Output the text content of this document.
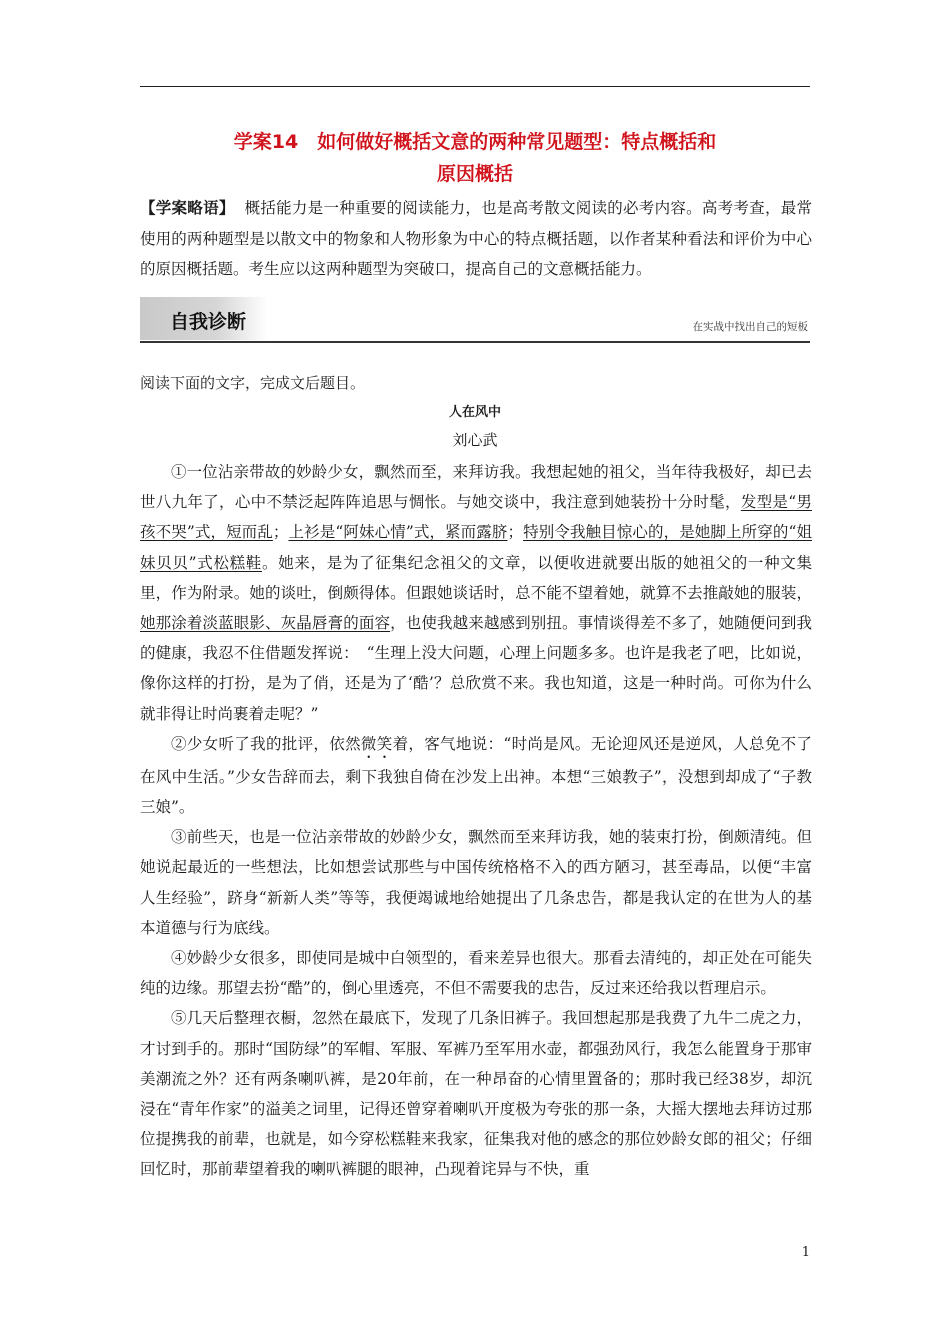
学案14　如何做好概括文意的两种常见题型：特点概括和
原因概括
【学案略语】 概括能力是一种重要的阅读能力，也是高考散文阅读的必考内容。高考考查，最常使用的两种题型是以散文中的物象和人物形象为中心的特点概括题，以作者某种看法和评价为中心的原因概括题。考生应以这两种题型为突破口，提高自己的文意概括能力。
自我诊断	在实战中找出自己的短板
阅读下面的文字，完成文后题目。
人在风中
刘心武

①一位沾亲带故的妙龄少女，飘然而至，来拜访我。我想起她的祖父，当年待我极好，却已去世八九年了，心中不禁泛起阵阵追思与惆怅。与她交谈中，我注意到她装扮十分时髦，发型是“男孩不哭”式，短而乱；上衫是“阿妹心情”式，紧而露脐；特别令我触目惊心的，是她脚上所穿的“姐妹贝贝”式松糕鞋。她来，是为了征集纪念祖父的文章，以便收进就要出版的她祖父的一种文集里，作为附录。她的谈吐，倒颇得体。但跟她谈话时，总不能不望着她，就算不去推敲她的服装，她那涂着淡蓝眼影、灰晶唇膏的面容，也使我越来越感到别扭。事情谈得差不多了，她随便问到我的健康，我忍不住借题发挥说：　“生理上没大问题，心理上问题多多。也许是我老了吧，比如说，像你这样的打扮，是为了俏，还是为了‘酷’？总欣赏不来。我也知道，这是一种时尚。可你为什么就非得让时尚裹着走呢？”

②少女听了我的批评，依然微笑着，客气地说：“时尚是风。无论迎风还是逆风，人总免不了在风中生活。”少女告辞而去，剩下我独自倚在沙发上出神。本想“三娘教子”，没想到却成了“子教三娘”。

③前些天，也是一位沾亲带故的妙龄少女，飘然而至来拜访我，她的装束打扮，倒颇清纯。但她说起最近的一些想法，比如想尝试那些与中国传统格格不入的西方陋习，甚至毒品，以便“丰富人生经验”，跻身“新新人类”等等，我便竭诚地给她提出了几条忠告，都是我认定的在世为人的基本道德与行为底线。

④妙龄少女很多，即使同是城中白领型的，看来差异也很大。那看去清纯的，却正处在可能失纯的边缘。那望去扮“酷”的，倒心里透亮，不但不需要我的忠告，反过来还给我以哲理启示。

⑤几天后整理衣橱，忽然在最底下，发现了几条旧裤子。我回想起那是我费了九牛二虎之力，才讨到手的。那时“国防绿”的军帽、军服、军裤乃至军用水壶，都强劲风行，我怎么能置身于那审美潮流之外？还有两条喇叭裤，是20年前，在一种昂奋的心情里置备的；那时我已经38岁，却沉浸在“青年作家”的溢美之词里，记得还曾穿着喇叭开度极为夸张的那一条，大摇大摆地去拜访过那位提携我的前辈，也就是，如今穿松糕鞋来我家，征集我对他的感念的那位妙龄女郎的祖父；仔细回忆时，那前辈望着我的喇叭裤腿的眼神，凸现着诧异与不快，重

1
